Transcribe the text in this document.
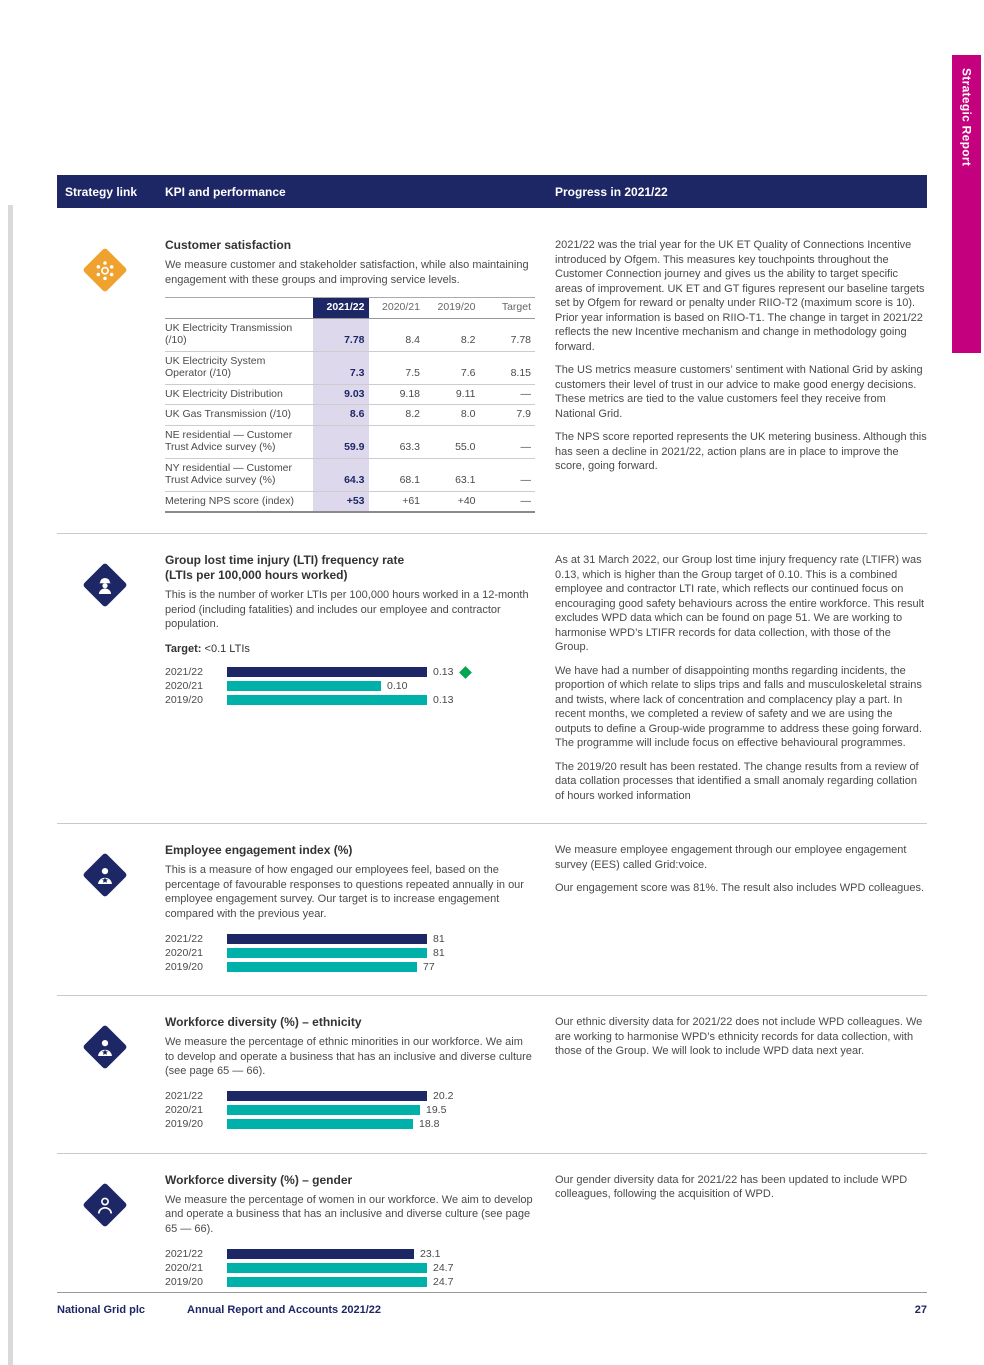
Strategic Report
Strategy link	KPI and performance	Progress in 2021/22
Customer satisfaction

We measure customer and stakeholder satisfaction, while also maintaining engagement with these groups and improving service levels.

	2021/22	2020/21	2019/20	Target
UK Electricity Transmission (/10)	7.78	8.4	8.2	7.78
UK Electricity System Operator (/10)	7.3	7.5	7.6	8.15
UK Electricity Distribution	9.03	9.18	9.11	—
UK Gas Transmission (/10)	8.6	8.2	8.0	7.9
NE residential — Customer Trust Advice survey (%)	59.9	63.3	55.0	—
NY residential — Customer Trust Advice survey (%)	64.3	68.1	63.1	—
Metering NPS score (index)	+53	+61	+40	—

2021/22 was the trial year for the UK ET Quality of Connections Incentive introduced by Ofgem. This measures key touchpoints throughout the Customer Connection journey and gives us the ability to target specific areas of improvement. UK ET and GT figures represent our baseline targets set by Ofgem for reward or penalty under RIIO-T2 (maximum score is 10). Prior year information is based on RIIO-T1. The change in target in 2021/22 reflects the new Incentive mechanism and change in methodology going forward.

The US metrics measure customers’ sentiment with National Grid by asking customers their level of trust in our advice to make good energy decisions. These metrics are tied to the value customers feel they receive from National Grid.

The NPS score reported represents the UK metering business. Although this has seen a decline in 2021/22, action plans are in place to improve the score, going forward.

Group lost time injury (LTI) frequency rate
(LTIs per 100,000 hours worked)

This is the number of worker LTIs per 100,000 hours worked in a 12-month period (including fatalities) and includes our employee and contractor population.

Target: <0.1 LTIs

2021/22	0.13
2020/21	0.10
2019/20	0.13

As at 31 March 2022, our Group lost time injury frequency rate (LTIFR) was 0.13, which is higher than the Group target of 0.10. This is a combined employee and contractor LTI rate, which reflects our continued focus on encouraging good safety behaviours across the entire workforce. This result excludes WPD data which can be found on page 51. We are working to harmonise WPD’s LTIFR records for data collection, with those of the Group.

We have had a number of disappointing months regarding incidents, the proportion of which relate to slips trips and falls and musculoskeletal strains and twists, where lack of concentration and complacency play a part. In recent months, we completed a review of safety and we are using the outputs to define a Group-wide programme to address these going forward. The programme will include focus on effective behavioural programmes.

The 2019/20 result has been restated. The change results from a review of data collation processes that identified a small anomaly regarding collation of hours worked information

Employee engagement index (%)

This is a measure of how engaged our employees feel, based on the percentage of favourable responses to questions repeated annually in our employee engagement survey. Our target is to increase engagement compared with the previous year.

2021/22	81
2020/21	81
2019/20	77

We measure employee engagement through our employee engagement survey (EES) called Grid:voice.

Our engagement score was 81%. The result also includes WPD colleagues.

Workforce diversity (%) – ethnicity

We measure the percentage of ethnic minorities in our workforce. We aim to develop and operate a business that has an inclusive and diverse culture (see page 65 — 66).

2021/22	20.2
2020/21	19.5
2019/20	18.8

Our ethnic diversity data for 2021/22 does not include WPD colleagues. We are working to harmonise WPD’s ethnicity records for data collection, with those of the Group. We will look to include WPD data next year.

Workforce diversity (%) – gender

We measure the percentage of women in our workforce. We aim to develop and operate a business that has an inclusive and diverse culture (see page 65 — 66).

2021/22	23.1
2020/21	24.7
2019/20	24.7

Our gender diversity data for 2021/22 has been updated to include WPD colleagues, following the acquisition of WPD.

National Grid plc	Annual Report and Accounts 2021/22	27
